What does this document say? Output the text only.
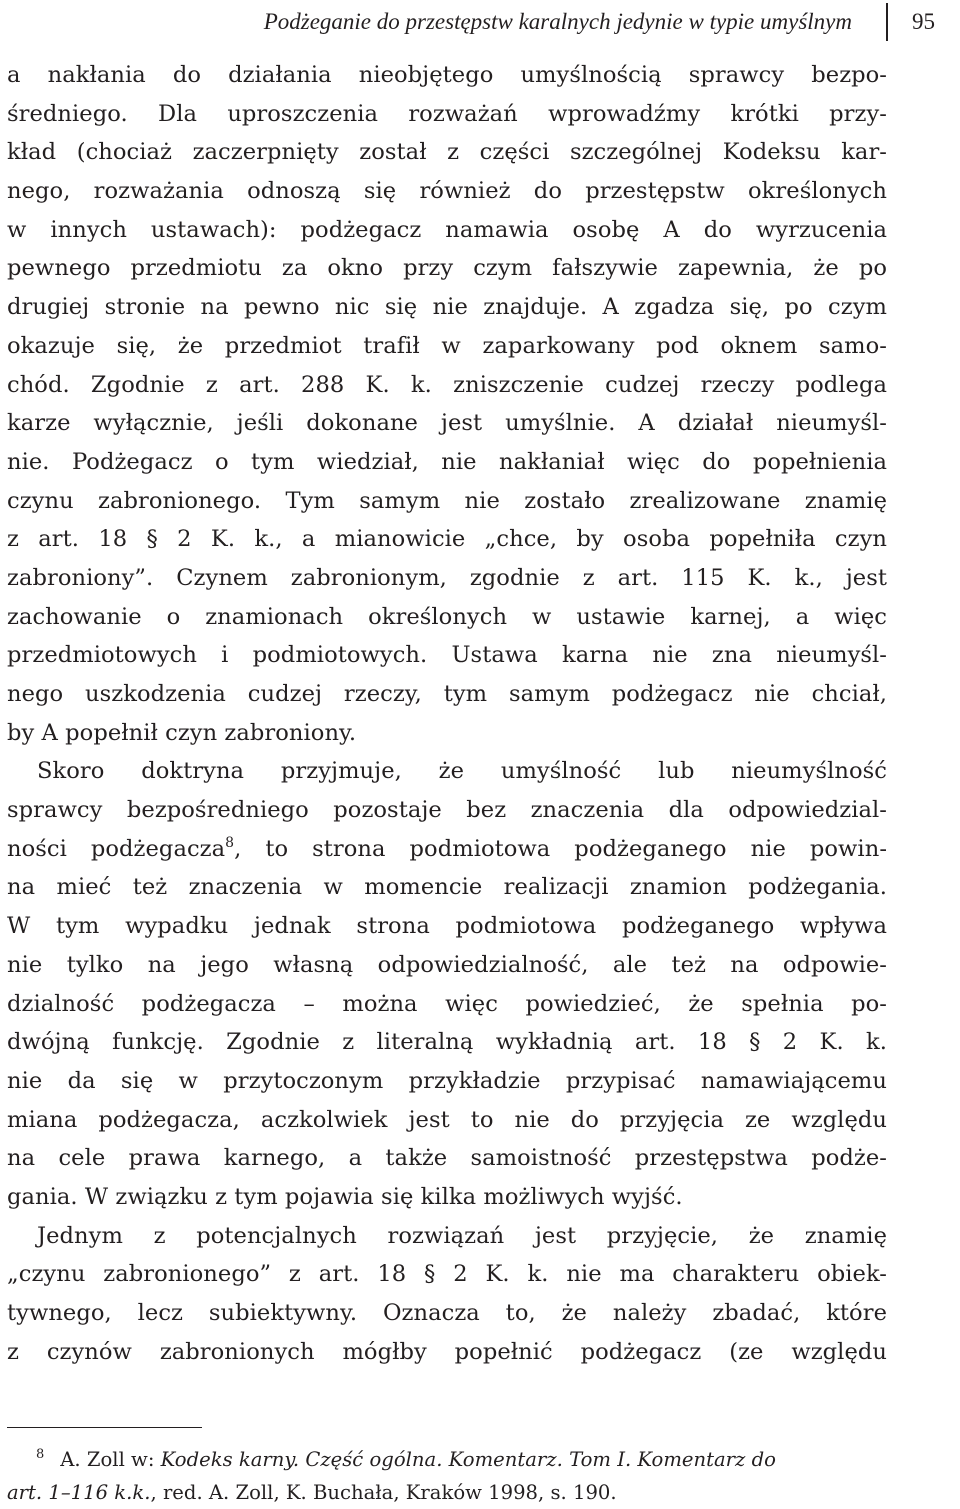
Podżeganie do przestępstw karalnych jedynie w typie umyślnym	95
a nakłania do działania nieobjętego umyślnością sprawcy bezpo-
średniego. Dla uproszczenia rozważań wprowadźmy krótki przy-
kład (chociaż zaczerpnięty został z części szczególnej Kodeksu kar-
nego, rozważania odnoszą się również do przestępstw określonych
w innych ustawach): podżegacz namawia osobę A do wyrzucenia
pewnego przedmiotu za okno przy czym fałszywie zapewnia, że po
drugiej stronie na pewno nic się nie znajduje. A zgadza się, po czym
okazuje się, że przedmiot trafił w zaparkowany pod oknem samo-
chód. Zgodnie z art. 288 K. k. zniszczenie cudzej rzeczy podlega
karze wyłącznie, jeśli dokonane jest umyślnie. A działał nieumyśl-
nie. Podżegacz o tym wiedział, nie nakłaniał więc do popełnienia
czynu zabronionego. Tym samym nie zostało zrealizowane znamię
z art. 18 § 2 K. k., a mianowicie „chce, by osoba popełniła czyn
zabroniony”. Czynem zabronionym, zgodnie z art. 115 K. k., jest
zachowanie o znamionach określonych w ustawie karnej, a więc
przedmiotowych i podmiotowych. Ustawa karna nie zna nieumyśl-
nego uszkodzenia cudzej rzeczy, tym samym podżegacz nie chciał,
by A popełnił czyn zabroniony.
Skoro doktryna przyjmuje, że umyślność lub nieumyślność
sprawcy bezpośredniego pozostaje bez znaczenia dla odpowiedzial-
ności podżegacza$^8$, to strona podmiotowa podżeganego nie powin-
na mieć też znaczenia w momencie realizacji znamion podżegania.
W tym wypadku jednak strona podmiotowa podżeganego wpływa
nie tylko na jego własną odpowiedzialność, ale też na odpowie-
dzialność podżegacza – można więc powiedzieć, że spełnia po-
dwójną funkcję. Zgodnie z literalną wykładnią art. 18 § 2 K. k.
nie da się w przytoczonym przykładzie przypisać namawiającemu
miana podżegacza, aczkolwiek jest to nie do przyjęcia ze względu
na cele prawa karnego, a także samoistność przestępstwa podże-
gania. W związku z tym pojawia się kilka możliwych wyjść.
Jednym z potencjalnych rozwiązań jest przyjęcie, że znamię
„czynu zabronionego” z art. 18 § 2 K. k. nie ma charakteru obiek-
tywnego, lecz subiektywny. Oznacza to, że należy zbadać, które
z czynów zabronionych mógłby popełnić podżegacz (ze względu
$^8$ A. Zoll w: Kodeks karny. Część ogólna. Komentarz. Tom I. Komentarz do
art. 1–116 k.k., red. A. Zoll, K. Buchała, Kraków 1998, s. 190.
